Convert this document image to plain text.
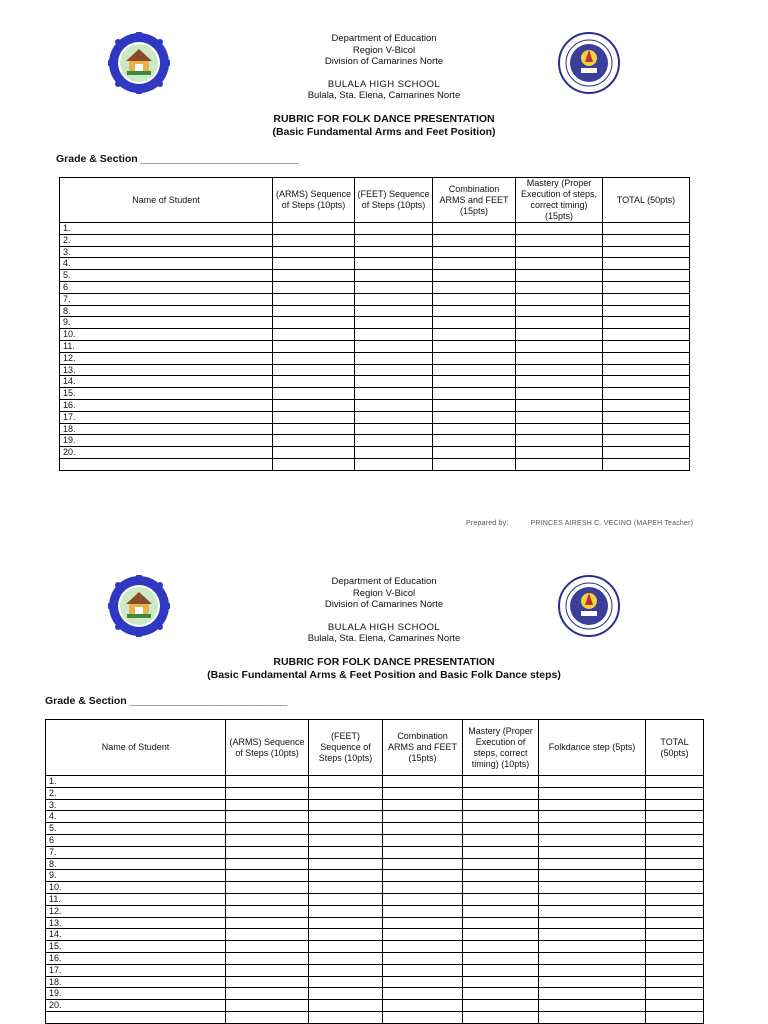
Department of Education
Region V-Bicol
Division of Camarines Norte
BULALA HIGH SCHOOL
Bulala, Sta. Elena, Camarines Norte
RUBRIC FOR FOLK DANCE PRESENTATION
(Basic Fundamental Arms and Feet Position)
Grade & Section ___________________________
Name of Student	(ARMS) Sequence of Steps (10pts)	(FEET) Sequence of Steps (10pts)	Combination ARMS and FEET (15pts)	Mastery (Proper Execution of steps, correct timing) (15pts)	TOTAL (50pts)
1.					
2.					
3.					
4.					
5.					
6					
7.					
8.					
9.					
10.					
11.					
12.					
13.					
14.					
15.					
16.					
17.					
18.					
19.					
20.					

Prepared by:	PRINCES AIRESH C. VECINO (MAPEH Teacher)
Department of Education
Region V-Bicol
Division of Camarines Norte
BULALA HIGH SCHOOL
Bulala, Sta. Elena, Camarines Norte
RUBRIC FOR FOLK DANCE PRESENTATION
(Basic Fundamental Arms & Feet Position and Basic Folk Dance steps)
Grade & Section ___________________________
Name of Student	(ARMS) Sequence of Steps (10pts)	(FEET) Sequence of Steps (10pts)	Combination ARMS and FEET (15pts)	Mastery (Proper Execution of steps, correct timing) (10pts)	Folkdance step (5pts)	TOTAL (50pts)
1.						
2.						
3.						
4.						
5.						
6						
7.						
8.						
9.						
10.						
11.						
12.						
13.						
14.						
15.						
16.						
17.						
18.						
19.						
20.						
